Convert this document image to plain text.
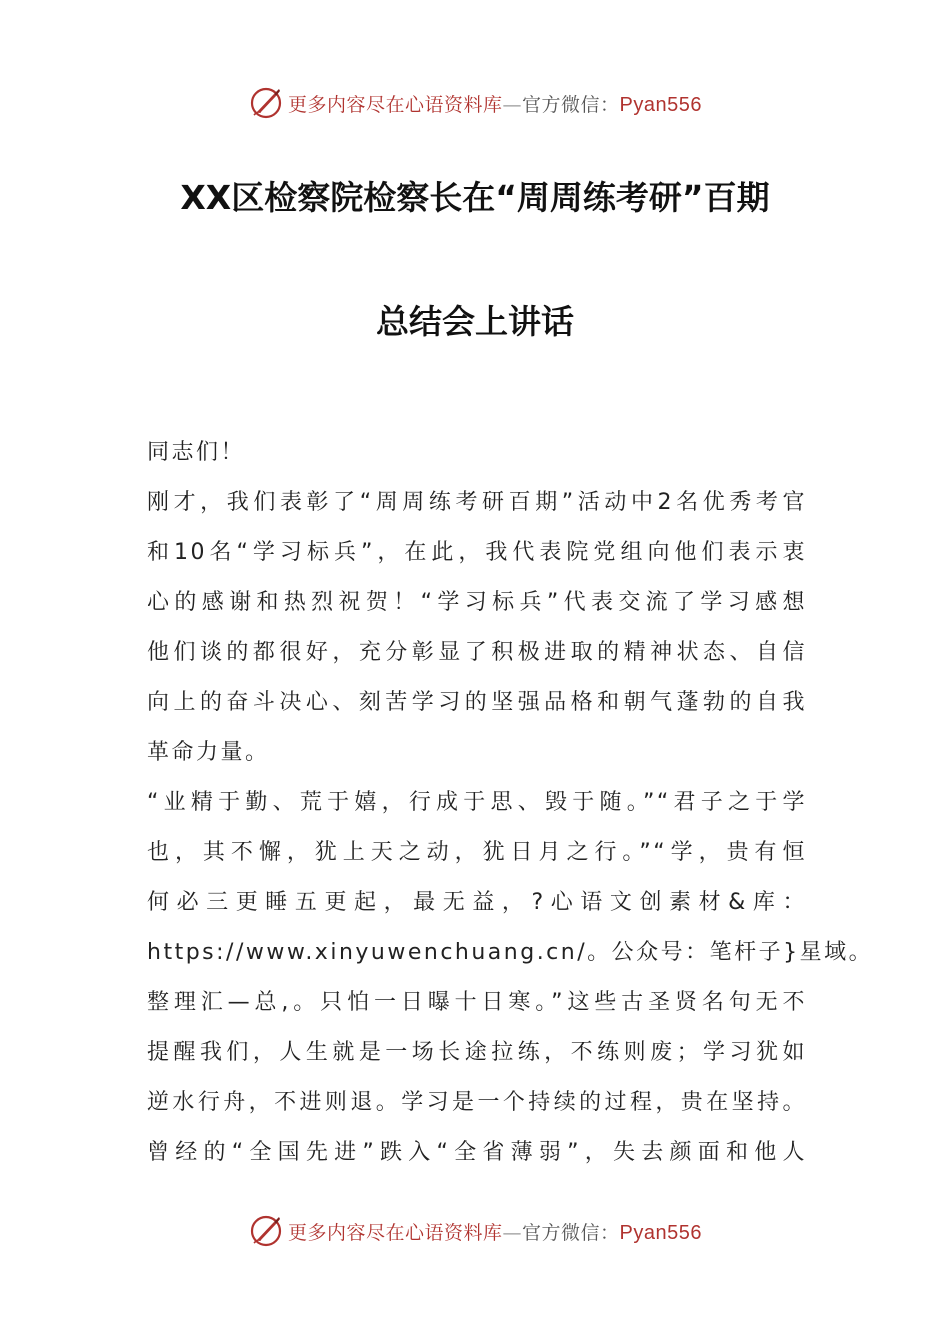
更多内容尽在心语资料库—官方微信：Pyan556
XX区检察院检察长在“周周练考研”百期
总结会上讲话

同志们！

刚才，我们表彰了“周周练考研百期”活动中2名优秀考官

和10名“学习标兵”，在此，我代表院党组向他们表示衷

心的感谢和热烈祝贺！“学习标兵”代表交流了学习感想

他们谈的都很好，充分彰显了积极进取的精神状态、自信

向上的奋斗决心、刻苦学习的坚强品格和朝气蓬勃的自我

革命力量。

“业精于勤、荒于嬉，行成于思、毁于随。”“君子之于学

也，其不懈，犹上天之动，犹日月之行。”“学，贵有恒

何必三更睡五更起，最无益，?心语文创素材&库：

https://www.xinyuwenchuang.cn/。公众号：笔杆子}星域。

整理汇—总,。只怕一日曝十日寒。”这些古圣贤名句无不

提醒我们，人生就是一场长途拉练，不练则废；学习犹如

逆水行舟，不进则退。学习是一个持续的过程，贵在坚持。

曾经的“全国先进”跌入“全省薄弱”，失去颜面和他人

更多内容尽在心语资料库—官方微信：Pyan556
